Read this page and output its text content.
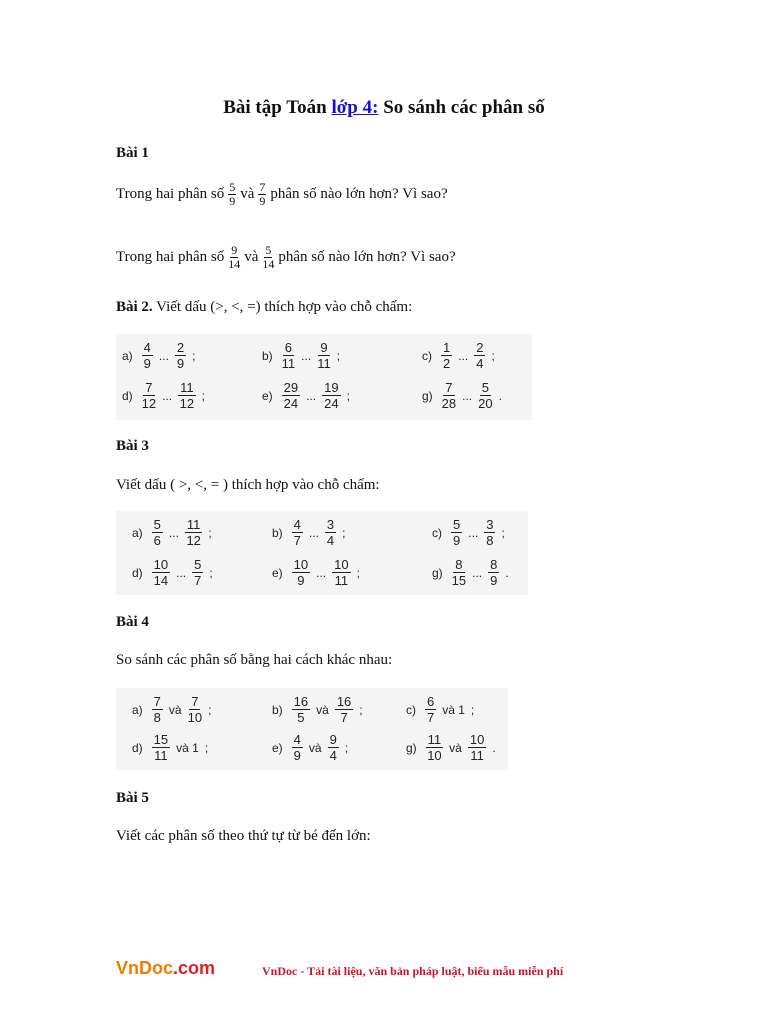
Bài tập Toán lớp 4: So sánh các phân số
Bài 1
Trong hai phân số $\frac{5}{9}$ và $\frac{7}{9}$ phân số nào lớn hơn? Vì sao?
Trong hai phân số $\frac{9}{14}$ và $\frac{5}{14}$ phân số nào lớn hơn? Vì sao?
Bài 2. Viết dấu (>, <, =) thích hợp vào chỗ chấm:
$a) \frac{4}{9}$ ... $\frac{2}{9}$ ;	$b) \frac{6}{11}$ ... $\frac{9}{11}$ ;	$c) \frac{1}{2}$ ... $\frac{2}{4}$ ;
$d) \frac{7}{12}$ ... $\frac{11}{12}$ ;	$e) \frac{29}{24}$ ... $\frac{19}{24}$ ;	$g) \frac{7}{28}$ ... $\frac{5}{20}$ .
Bài 3
Viết dấu ( >, <, = ) thích hợp vào chỗ chấm:
$a) \frac{5}{6}$ ... $\frac{11}{12}$ ;	$b) \frac{4}{7}$ ... $\frac{3}{4}$ ;	$c) \frac{5}{9}$ ... $\frac{3}{8}$ ;
$d) \frac{10}{14}$ ... $\frac{5}{7}$ ;	$e) \frac{10}{9}$ ... $\frac{10}{11}$ ;	$g) \frac{8}{15}$ ... $\frac{8}{9}$ .
Bài 4
So sánh các phân số bằng hai cách khác nhau:
$a) \frac{7}{8}$ và $\frac{7}{10}$ ;	$b) \frac{16}{5}$ và $\frac{16}{7}$ ;	$c) \frac{6}{7}$ và 1 ;
$d) \frac{15}{11}$ và 1 ;	$e) \frac{4}{9}$ và $\frac{9}{4}$ ;	$g) \frac{11}{10}$ và $\frac{10}{11}$ .
Bài 5
Viết các phân số theo thứ tự từ bé đến lớn:
VnDoc.com	VnDoc - Tải tài liệu, văn bản pháp luật, biểu mẫu miễn phí
